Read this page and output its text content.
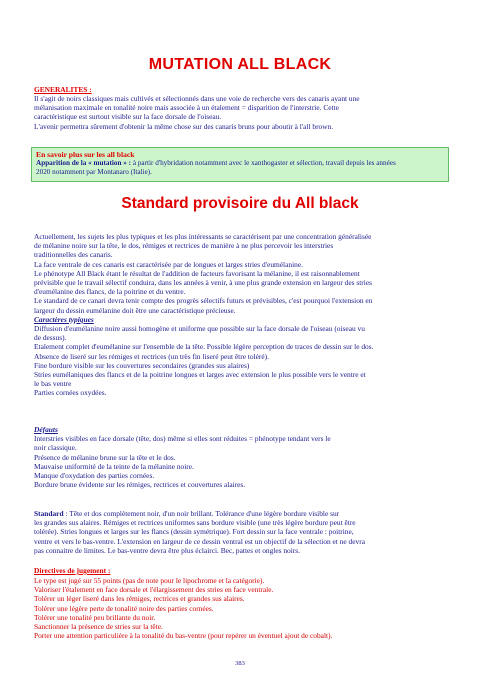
MUTATION ALL BLACK
GENERALITES :

Il s'agit de noirs classiques mais cultivés et sélectionnés dans une voie de recherche vers des canaris ayant une

mélanisation maximale en tonalité noire mais associée à un étalement = disparition de l'interstrie. Cette

caractéristique est surtout visible sur la face dorsale de l'oiseau.

L'avenir permettra sûrement d'obtenir la même chose sur des canaris bruns pour aboutir à l'all brown.

En savoir plus sur les all black
Apparition de la « mutation » : à partir d'hybridation notamment avec le xanthogaster et sélection, travail depuis les années
2020 notamment par Montanaro (Italie).
Standard provisoire du All black

Actuellement, les sujets les plus typiques et les plus intéressants se caractérisent par une concentration généralisée

de mélanine noire sur la tête, le dos, rémiges et rectrices de manière à ne plus percevoir les interstries

traditionnelles des canaris.

La face ventrale de ces canaris est caractérisée par de longues et larges stries d'eumélanine.

Le phénotype All Black étant le résultat de l'addition de facteurs favorisant la mélanine, il est raisonnablement

prévisible que le travail sélectif conduira, dans les années à venir, à une plus grande extension en largeur des stries

d'eumélanine des flancs, de la poitrine et du ventre.

Le standard de ce canari devra tenir compte des progrès sélectifs futurs et prévisibles, c'est pourquoi l'extension en

largeur du dessin eumélanine doit être une caractéristique précieuse.

Caractères typiques

Diffusion d'eumélanine noire aussi homogène et uniforme que possible sur la face dorsale de l'oiseau (oiseau vu

de dessus).

Etalement complet d'eumélanine sur l'ensemble de la tête. Possible légère perception de traces de dessin sur le dos.

Absence de liseré sur les rémiges et rectrices (un très fin liseré peut être toléré).

Fine bordure visible sur les couvertures secondaires (grandes sus alaires)

Stries eumélaniques des flancs et de la poitrine longues et larges avec extension le plus possible vers le ventre et

le bas ventre

Parties cornées oxydées.

Défauts

Interstries visibles en face dorsale (tête, dos) même si elles sont réduites = phénotype tendant vers le

noir classique.

Présence de mélanine brune sur la tête et le dos.

Mauvaise uniformité de la teinte de la mélanine noire.

Manque d'oxydation des parties cornées.

Bordure brune évidente sur les rémiges, rectrices et couvertures alaires.

Standard : Tête et dos complètement noir, d'un noir brillant. Tolérance d'une légère bordure visible sur

les grandes sus alaires. Rémiges et rectrices uniformes sans bordure visible (une très légère bordure peut être

tolérée). Stries longues et larges sur les flancs (dessin symétrique). Fort dessin sur la face ventrale : poitrine,

ventre et vers le bas-ventre. L'extension en largeur de ce dessin ventral est un objectif de la sélection et ne devra

pas connaitre de limites. Le bas-ventre devra être plus éclairci. Bec, pattes et ongles noirs.

Directives de jugement :

Le type est jugé sur 55 points (pas de note pour le lipochrome et la catégorie).

Valoriser l'étalement en face dorsale et l'élargissement des stries en face ventrale.

Tolérer un léger liseré dans les rémiges, rectrices et grandes sus alaires.

Tolérer une légère perte de tonalité noire des parties cornées.

Tolérer une tonalité peu brillante du noir.

Sanctionner la présence de stries sur la tête.

Porter une attention particulière à la tonalité du bas-ventre (pour repérer un éventuel ajout de cobalt).

383
